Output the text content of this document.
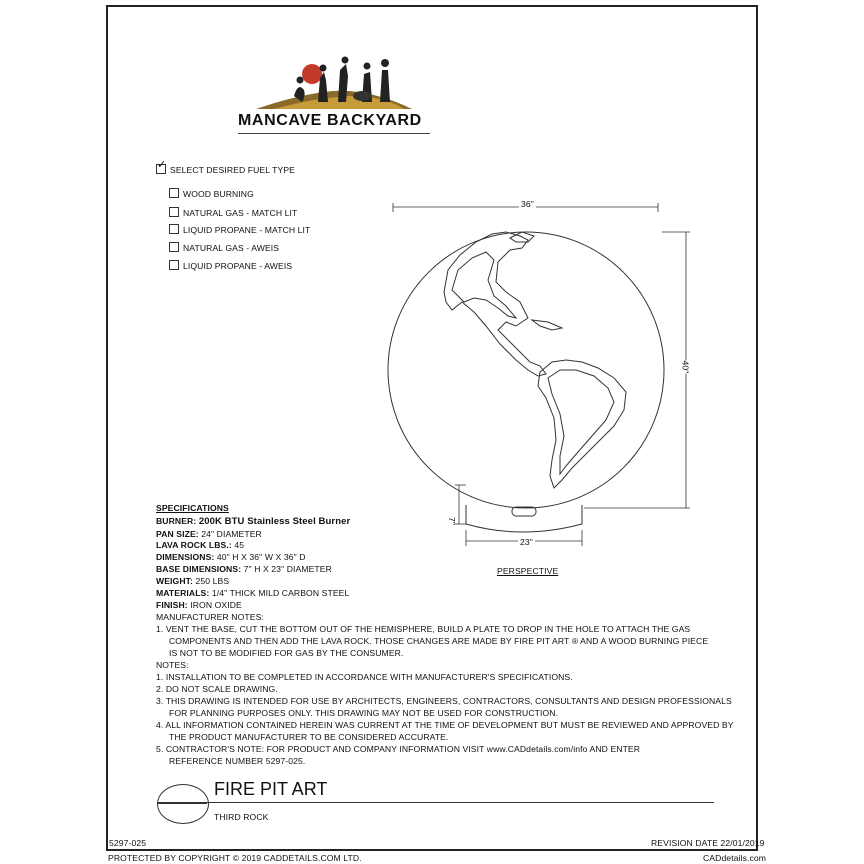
MANCAVE BACKYARD
✓SELECT DESIRED FUEL TYPE
WOOD BURNING
NATURAL GAS - MATCH LIT
LIQUID PROPANE - MATCH LIT
NATURAL GAS - AWEIS
LIQUID PROPANE - AWEIS
36"
40"
7"
23"
PERSPECTIVE
SPECIFICATIONS
BURNER: 200K BTU Stainless Steel Burner
PAN SIZE: 24" DIAMETER
LAVA ROCK LBS.: 45
DIMENSIONS: 40" H X 36" W X 36" D
BASE DIMENSIONS: 7" H X 23" DIAMETER
WEIGHT: 250 LBS
MATERIALS: 1/4" THICK MILD CARBON STEEL
FINISH: IRON OXIDE
MANUFACTURER NOTES:
1. VENT THE BASE, CUT THE BOTTOM OUT OF THE HEMISPHERE, BUILD A PLATE TO DROP IN THE HOLE TO ATTACH THE GAS
COMPONENTS AND THEN ADD THE LAVA ROCK. THOSE CHANGES ARE MADE BY FIRE PIT ART ® AND A WOOD BURNING PIECE
IS NOT TO BE MODIFIED FOR GAS BY THE CONSUMER.
NOTES:
1. INSTALLATION TO BE COMPLETED IN ACCORDANCE WITH MANUFACTURER'S SPECIFICATIONS.
2. DO NOT SCALE DRAWING.
3. THIS DRAWING IS INTENDED FOR USE BY ARCHITECTS, ENGINEERS, CONTRACTORS, CONSULTANTS AND DESIGN PROFESSIONALS
FOR PLANNING PURPOSES ONLY. THIS DRAWING MAY NOT BE USED FOR CONSTRUCTION.
4. ALL INFORMATION CONTAINED HEREIN WAS CURRENT AT THE TIME OF DEVELOPMENT BUT MUST BE REVIEWED AND APPROVED BY
THE PRODUCT MANUFACTURER TO BE CONSIDERED ACCURATE.
5. CONTRACTOR'S NOTE: FOR PRODUCT AND COMPANY INFORMATION VISIT www.CADdetails.com/info AND ENTER
REFERENCE NUMBER 5297-025.
FIRE PIT ART
THIRD ROCK
5297-025	REVISION DATE 22/01/2019
PROTECTED BY COPYRIGHT © 2019 CADDETAILS.COM LTD.	CADdetails.com
